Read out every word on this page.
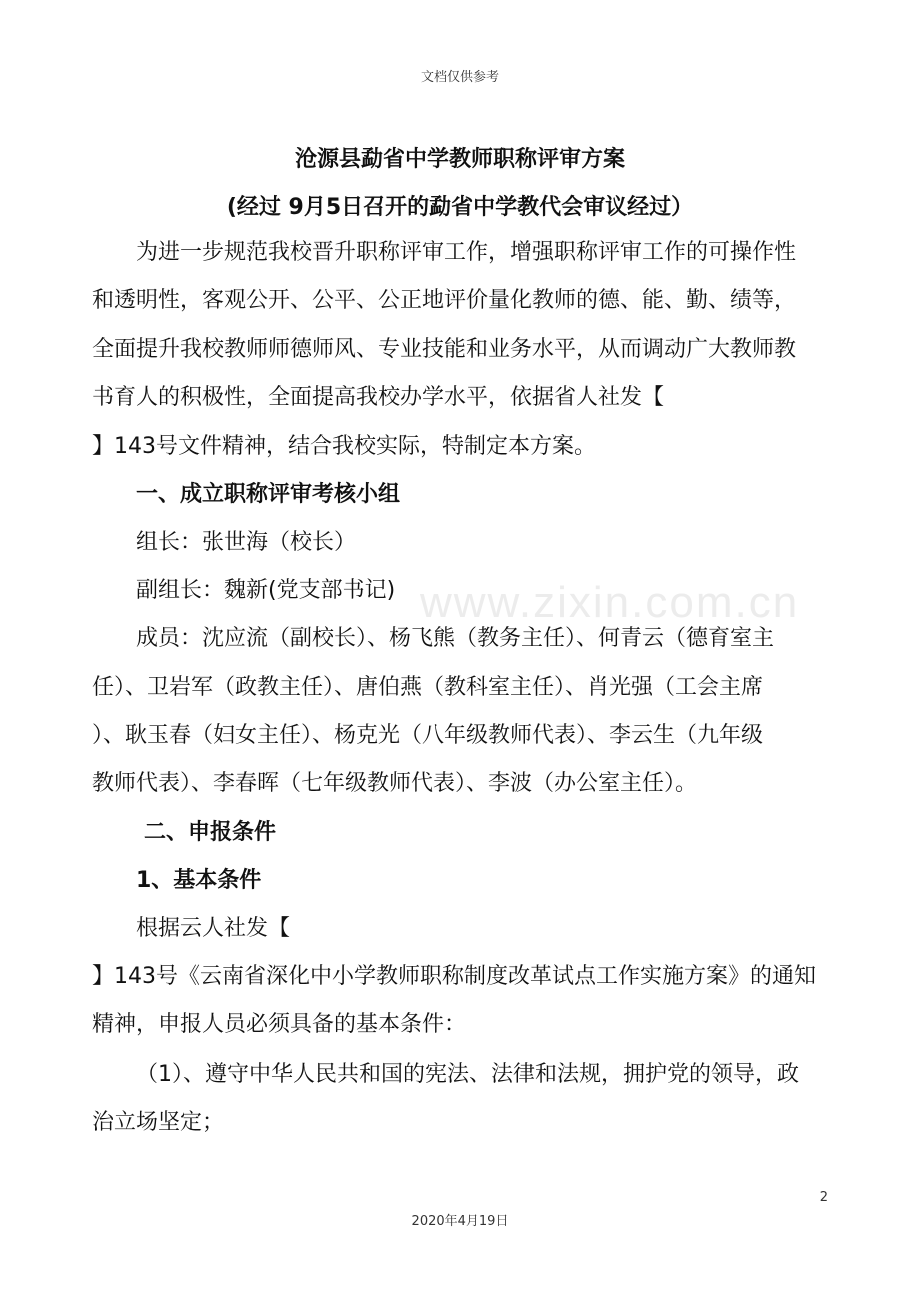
文档仅供参考
www.zixin.com.cn
沧源县勐省中学教师职称评审方案
(经过 9月5日召开的勐省中学教代会审议经过）
为进一步规范我校晋升职称评审工作，增强职称评审工作的可操作性
和透明性，客观公开、公平、公正地评价量化教师的德、能、勤、绩等，
全面提升我校教师师德师风、专业技能和业务水平，从而调动广大教师教
书育人的积极性，全面提高我校办学水平，依据省人社发【
】143号文件精神，结合我校实际，特制定本方案。
一、成立职称评审考核小组
组长：张世海（校长）
副组长：魏新(党支部书记)
成员：沈应流（副校长）、杨飞熊（教务主任）、何青云（德育室主
任）、卫岩军（政教主任）、唐伯燕（教科室主任）、肖光强（工会主席
）、耿玉春（妇女主任）、杨克光（八年级教师代表）、李云生（九年级
教师代表）、李春晖（七年级教师代表）、李波（办公室主任）。
二、申报条件
1、基本条件
根据云人社发【
】143号《云南省深化中小学教师职称制度改革试点工作实施方案》的通知
精神，申报人员必须具备的基本条件：
（1）、遵守中华人民共和国的宪法、法律和法规，拥护党的领导，政
治立场坚定；
2
2020年4月19日
